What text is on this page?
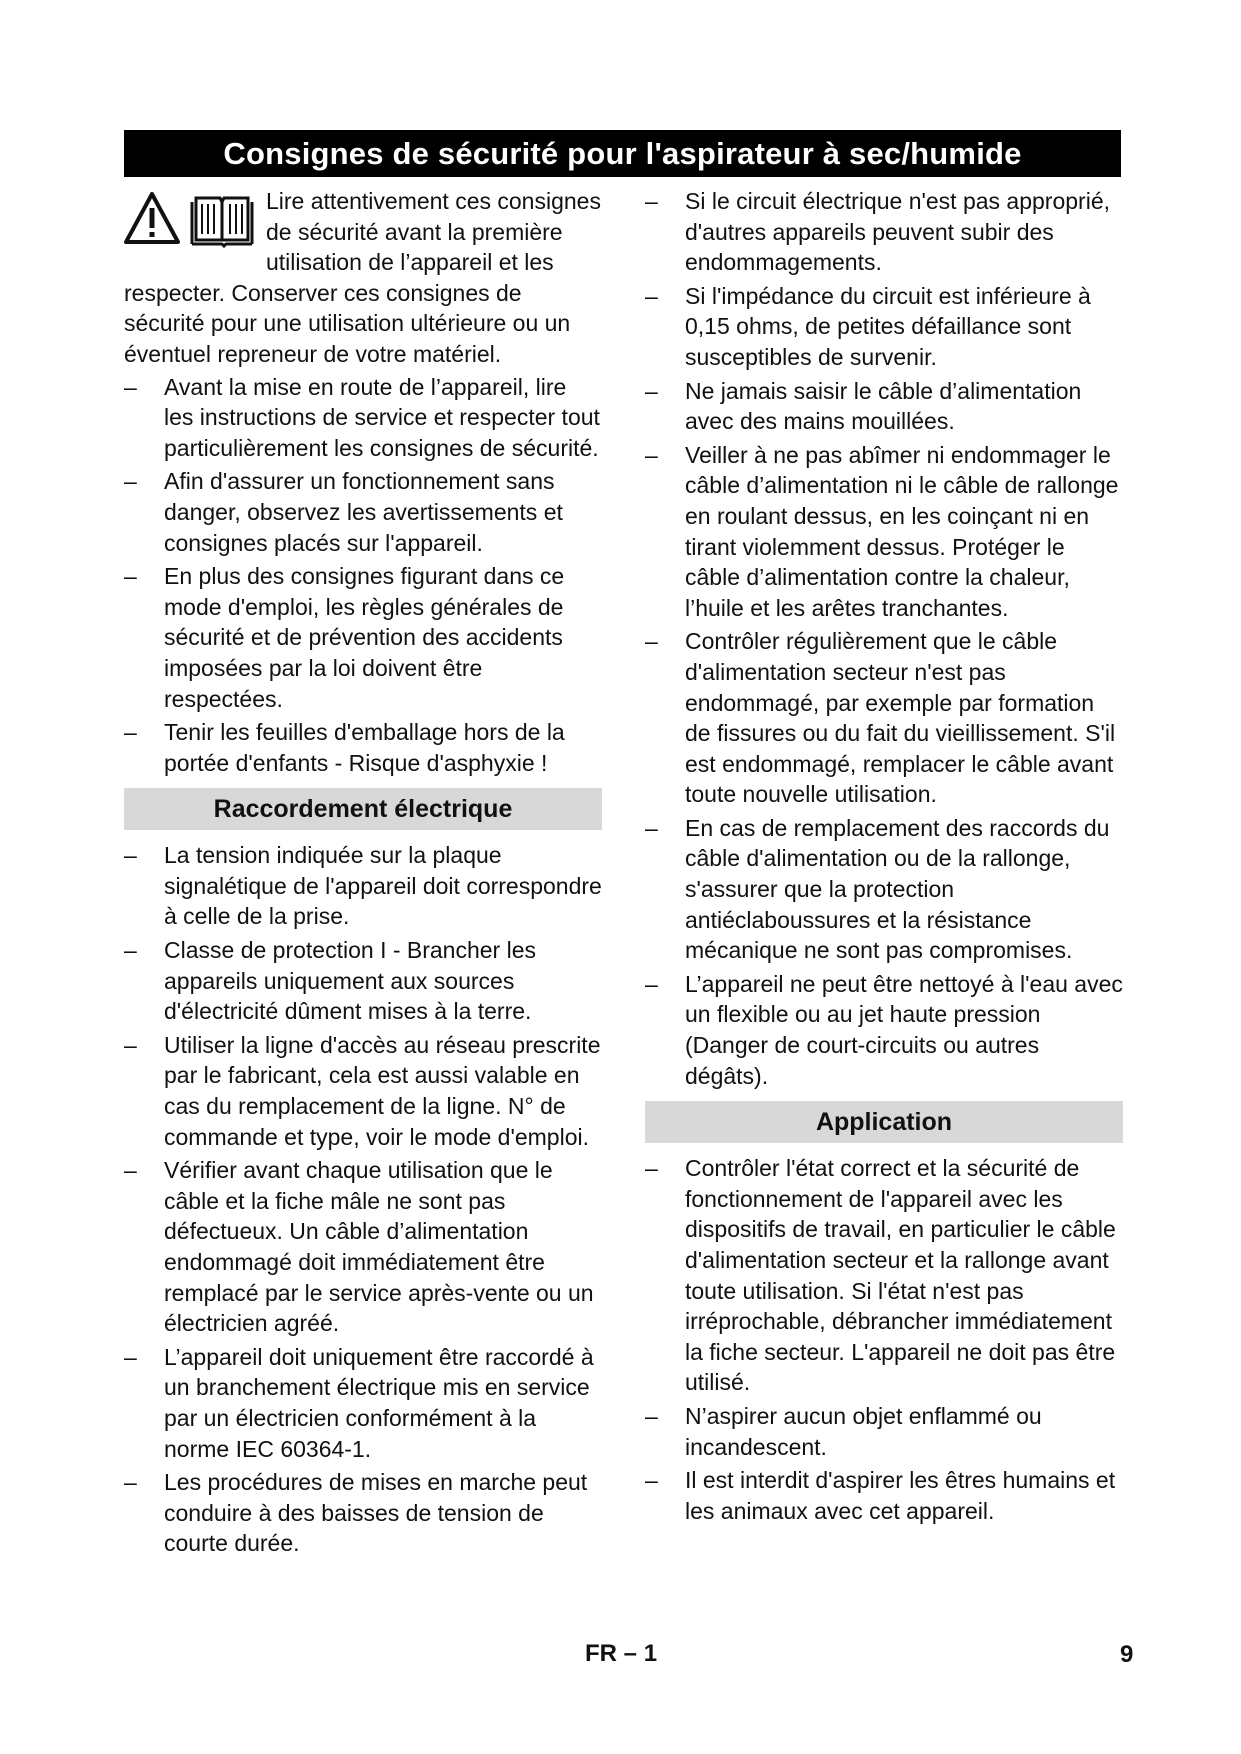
Consignes de sécurité pour l'aspirateur à sec/humide
Lire attentivement ces consignes de sécurité avant la première utilisation de l’appareil et les respecter. Conserver ces consignes de sécurité pour une utilisation ultérieure ou un éventuel repreneur de votre matériel.
– Avant la mise en route de l’appareil, lire les instructions de service et respecter tout particulièrement les consignes de sécurité.
– Afin d'assurer un fonctionnement sans danger, observez les avertissements et consignes placés sur l'appareil.
– En plus des consignes figurant dans ce mode d'emploi, les règles générales de sécurité et de prévention des accidents imposées par la loi doivent être respectées.
– Tenir les feuilles d'emballage hors de la portée d'enfants - Risque d'asphyxie !
Raccordement électrique
– La tension indiquée sur la plaque signalétique de l'appareil doit correspondre à celle de la prise.
– Classe de protection I - Brancher les appareils uniquement aux sources d'électricité dûment mises à la terre.
– Utiliser la ligne d'accès au réseau prescrite par le fabricant, cela est aussi valable en cas du remplacement de la ligne. N° de commande et type, voir le mode d'emploi.
– Vérifier avant chaque utilisation que le câble et la fiche mâle ne sont pas défectueux. Un câble d’alimentation endommagé doit immédiatement être remplacé par le service après-vente ou un électricien agréé.
– L’appareil doit uniquement être raccordé à un branchement électrique mis en service par un électricien conformément à la norme IEC 60364-1.
– Les procédures de mises en marche peut conduire à des baisses de tension de courte durée.
– Si le circuit électrique n'est pas approprié, d'autres appareils peuvent subir des endommagements.
– Si l'impédance du circuit est inférieure à 0,15 ohms, de petites défaillance sont susceptibles de survenir.
– Ne jamais saisir le câble d’alimentation avec des mains mouillées.
– Veiller à ne pas abîmer ni endommager le câble d’alimentation ni le câble de rallonge en roulant dessus, en les coinçant ni en tirant violemment dessus. Protéger le câble d’alimentation contre la chaleur, l’huile et les arêtes tranchantes.
– Contrôler régulièrement que le câble d'alimentation secteur n'est pas endommagé, par exemple par formation de fissures ou du fait du vieillissement. S'il est endommagé, remplacer le câble avant toute nouvelle utilisation.
– En cas de remplacement des raccords du câble d'alimentation ou de la rallonge, s'assurer que la protection antiéclaboussures et la résistance mécanique ne sont pas compromises.
– L’appareil ne peut être nettoyé à l'eau avec un flexible ou au jet haute pression (Danger de court-circuits ou autres dégâts).
Application
– Contrôler l'état correct et la sécurité de fonctionnement de l'appareil avec les dispositifs de travail, en particulier le câble d'alimentation secteur et la rallonge avant toute utilisation. Si l'état n'est pas irréprochable, débrancher immédiatement la fiche secteur. L'appareil ne doit pas être utilisé.
– N’aspirer aucun objet enflammé ou incandescent.
– Il est interdit d'aspirer les êtres humains et les animaux avec cet appareil.
FR – 1	9
